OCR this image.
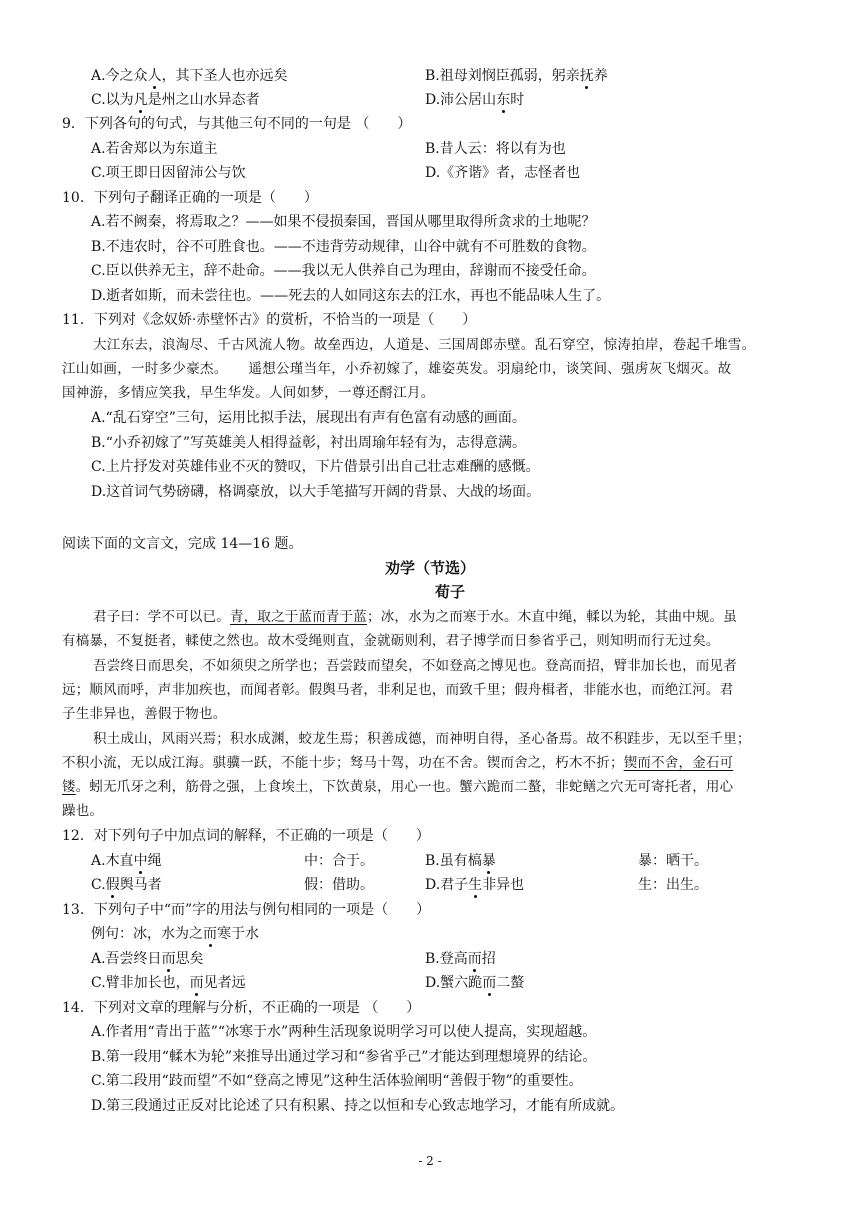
A.今之众人，其下圣人也亦远矣	B.祖母刘悯臣孤弱，躬亲抚养
C.以为凡是州之山水异态者	D.沛公居山东时
9．下列各句的句式，与其他三句不同的一句是 （　　）
A.若舍郑以为东道主	B.昔人云：将以有为也
C.项王即日因留沛公与饮	D.《齐谐》者，志怪者也
10．下列句子翻译正确的一项是（　　）
A.若不阙秦，将焉取之？——如果不侵损秦国，晋国从哪里取得所贪求的土地呢？
B.不违农时，谷不可胜食也。——不违背劳动规律，山谷中就有不可胜数的食物。
C.臣以供养无主，辞不赴命。——我以无人供养自己为理由，辞谢而不接受任命。
D.逝者如斯，而未尝往也。——死去的人如同这东去的江水，再也不能品味人生了。
11．下列对《念奴娇·赤壁怀古》的赏析，不恰当的一项是（　　）
大江东去，浪淘尽、千古风流人物。故垒西边，人道是、三国周郎赤壁。乱石穿空，惊涛拍岸，卷起千堆雪。
江山如画，一时多少豪杰。　　遥想公瑾当年，小乔初嫁了，雄姿英发。羽扇纶巾，谈笑间、强虏灰飞烟灭。故
国神游，多情应笑我，早生华发。人间如梦，一尊还酹江月。
A.“乱石穿空”三句，运用比拟手法，展现出有声有色富有动感的画面。
B.“小乔初嫁了”写英雄美人相得益彰，衬出周瑜年轻有为，志得意满。
C.上片抒发对英雄伟业不灭的赞叹，下片借景引出自己壮志难酬的感慨。
D.这首词气势磅礴，格调豪放，以大手笔描写开阔的背景、大战的场面。
阅读下面的文言文，完成 14—16 题。
劝学（节选）
荀子
君子曰：学不可以已。青，取之于蓝而青于蓝；冰，水为之而寒于水。木直中绳，輮以为轮，其曲中规。虽
有槁暴，不复挺者，輮使之然也。故木受绳则直，金就砺则利，君子博学而日参省乎己，则知明而行无过矣。
吾尝终日而思矣，不如须臾之所学也；吾尝跂而望矣，不如登高之博见也。登高而招，臂非加长也，而见者
远；顺风而呼，声非加疾也，而闻者彰。假舆马者，非利足也，而致千里；假舟楫者，非能水也，而绝江河。君
子生非异也，善假于物也。
积土成山，风雨兴焉；积水成渊，蛟龙生焉；积善成德，而神明自得，圣心备焉。故不积跬步，无以至千里；
不积小流，无以成江海。骐骥一跃，不能十步；驽马十驾，功在不舍。锲而舍之，朽木不折；锲而不舍，金石可
镂。蚓无爪牙之利，筋骨之强，上食埃土，下饮黄泉，用心一也。蟹六跪而二螯，非蛇鳝之穴无可寄托者，用心
躁也。
12．对下列句子中加点词的解释，不正确的一项是（　　）
A.木直中绳	中：合于。	B.虽有槁暴	暴：晒干。
C.假舆马者	假：借助。	D.君子生非异也	生：出生。
13．下列句子中“而”字的用法与例句相同的一项是（　　）
例句：冰，水为之而寒于水
A.吾尝终日而思矣	B.登高而招
C.臂非加长也，而见者远	D.蟹六跪而二螯
14．下列对文章的理解与分析，不正确的一项是 （　　）
A.作者用“青出于蓝”“冰寒于水”两种生活现象说明学习可以使人提高，实现超越。
B.第一段用“輮木为轮”来推导出通过学习和“参省乎己”才能达到理想境界的结论。
C.第二段用“跂而望”不如“登高之博见”这种生活体验阐明“善假于物”的重要性。
D.第三段通过正反对比论述了只有积累、持之以恒和专心致志地学习，才能有所成就。
- 2 -
